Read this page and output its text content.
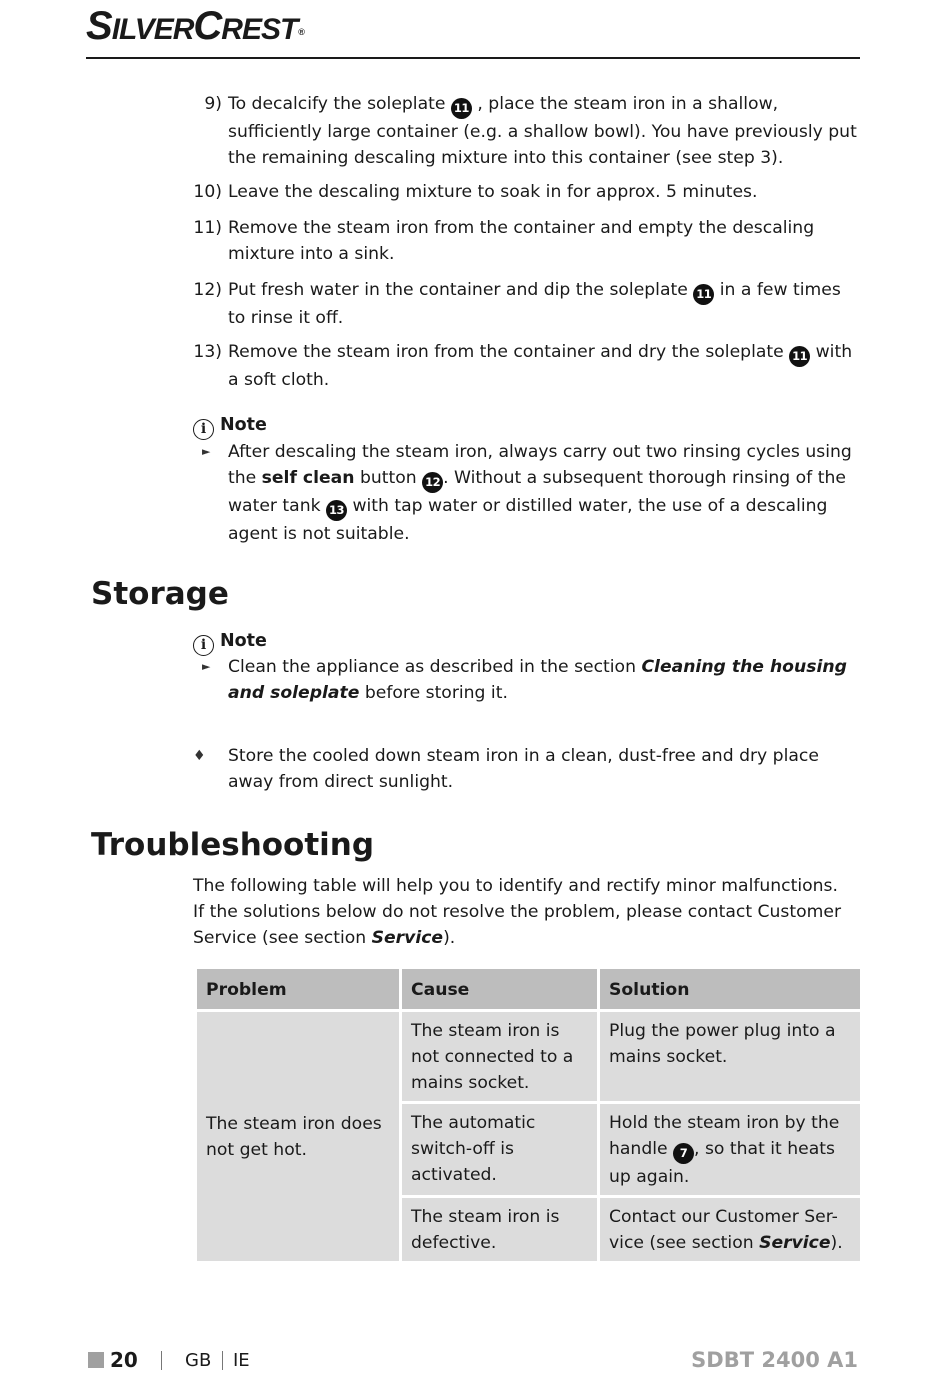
SILVERCREST®
9) To decalcify the soleplate 11 , place the steam iron in a shallow, sufficiently large container (e.g. a shallow bowl). You have previously put the remaining descaling mixture into this container (see step 3).
10) Leave the descaling mixture to soak in for approx. 5 minutes.
11) Remove the steam iron from the container and empty the descaling mixture into a sink.
12) Put fresh water in the container and dip the soleplate 11 in a few times to rinse it off.
13) Remove the steam iron from the container and dry the soleplate 11 with a soft cloth.
i Note
► After descaling the steam iron, always carry out two rinsing cycles using the self clean button 12 . Without a subsequent thorough rinsing of the water tank 13 with tap water or distilled water, the use of a descaling agent is not suitable.
Storage
i Note
► Clean the appliance as described in the section Cleaning the housing and soleplate before storing it.
♦ Store the cooled down steam iron in a clean, dust-free and dry place away from direct sunlight.
Troubleshooting
The following table will help you to identify and rectify minor malfunctions.
If the solutions below do not resolve the problem, please contact Customer Service (see section Service).
Problem	Cause	Solution
The steam iron does not get hot.	The steam iron is not connected to a mains socket.	Plug the power plug into a mains socket.
	The automatic switch-off is activated.	Hold the steam iron by the handle 7 , so that it heats up again.
	The steam iron is defective.	Contact our Customer Ser-vice (see section Service).
20	GB IE	SDBT 2400 A1
